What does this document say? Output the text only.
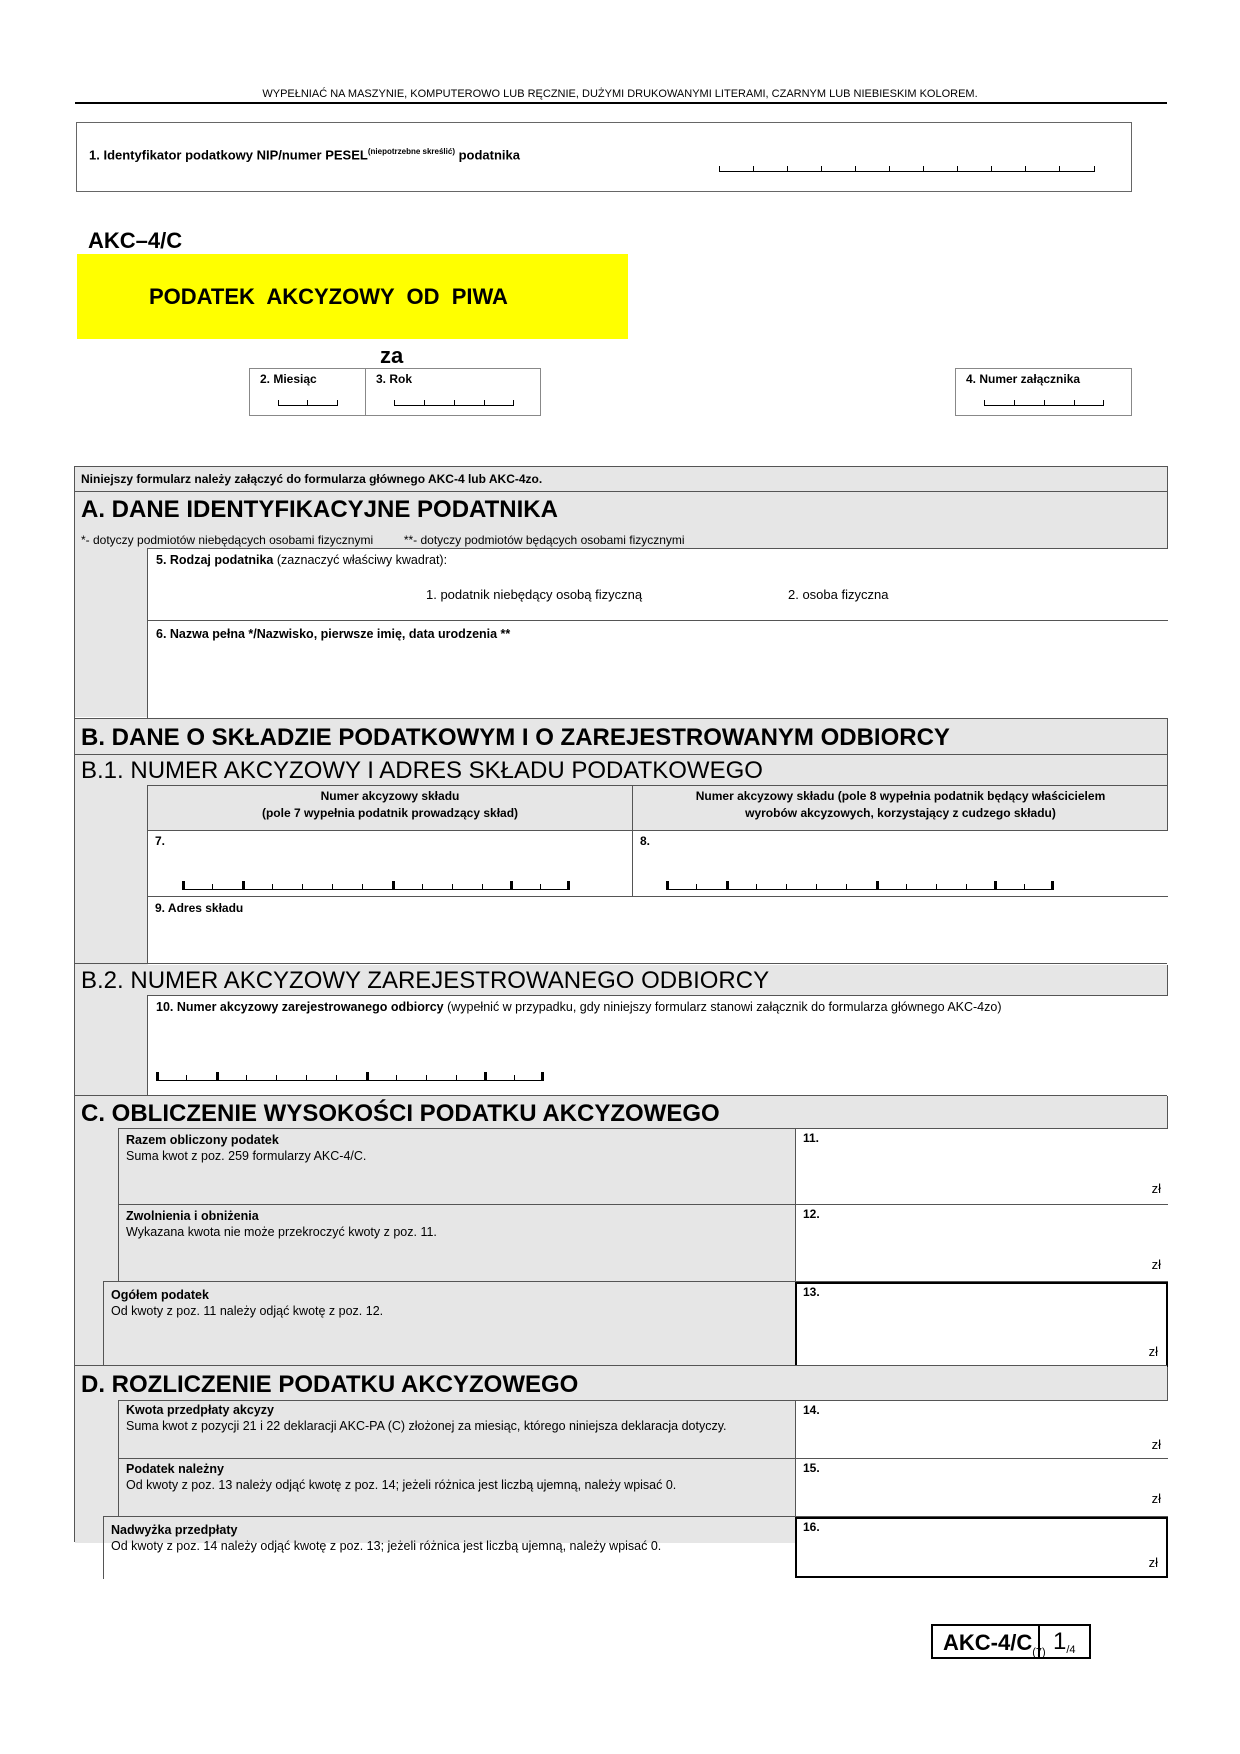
WYPEŁNIAĆ NA MASZYNIE, KOMPUTEROWO LUB RĘCZNIE, DUŻYMI DRUKOWANYMI LITERAMI, CZARNYM LUB NIEBIESKIM KOLOREM.
1. Identyfikator podatkowy NIP/numer $PESEL^{(niepotrzebne skreślić)}$ podatnika
AKC–4/C
PODATEK  AKCYZOWY  OD  PIWA
za
2. Miesiąc	3. Rok	4. Numer załącznika
Niniejszy formularz należy załączyć do formularza głównego AKC-4 lub AKC-4zo.
A. DANE IDENTYFIKACYJNE PODATNIKA
*- dotyczy podmiotów niebędących osobami fizycznymi	**- dotyczy podmiotów będących osobami fizycznymi
5. Rodzaj podatnika (zaznaczyć właściwy kwadrat):
1. podatnik niebędący osobą fizyczną	2. osoba fizyczna
6. Nazwa pełna */Nazwisko, pierwsze imię, data urodzenia **
B. DANE O SKŁADZIE PODATKOWYM I O ZAREJESTROWANYM ODBIORCY
B.1. NUMER AKCYZOWY I ADRES SKŁADU PODATKOWEGO
Numer akcyzowy składu
(pole 7 wypełnia podatnik prowadzący skład)
Numer akcyzowy składu (pole 8 wypełnia podatnik będący właścicielem
wyrobów akcyzowych, korzystający z cudzego składu)
7.	8.
9. Adres składu
B.2. NUMER AKCYZOWY ZAREJESTROWANEGO ODBIORCY
10. Numer akcyzowy zarejestrowanego odbiorcy (wypełnić w przypadku, gdy niniejszy formularz stanowi załącznik do formularza głównego AKC-4zo)
C. OBLICZENIE WYSOKOŚCI PODATKU AKCYZOWEGO
Razem obliczony podatek
Suma kwot z poz. 259 formularzy AKC-4/C.
11.
zł
Zwolnienia i obniżenia
Wykazana kwota nie może przekroczyć kwoty z poz. 11.
12.
zł
Ogółem podatek
Od kwoty z poz. 11 należy odjąć kwotę z poz. 12.
13.
zł
D. ROZLICZENIE PODATKU AKCYZOWEGO
Kwota przedpłaty akcyzy
Suma kwot z pozycji 21 i 22 deklaracji AKC-PA (C) złożonej za miesiąc, którego niniejsza deklaracja dotyczy.
14.
zł
Podatek należny
Od kwoty z poz. 13 należy odjąć kwotę z poz. 14; jeżeli różnica jest liczbą ujemną, należy wpisać 0.
15.
zł
Nadwyżka przedpłaty
Od kwoty z poz. 14 należy odjąć kwotę z poz. 13; jeżeli różnica jest liczbą ujemną, należy wpisać 0.
16.
zł
AKC-$4/C_{(7)}$ $1_{/4}$
